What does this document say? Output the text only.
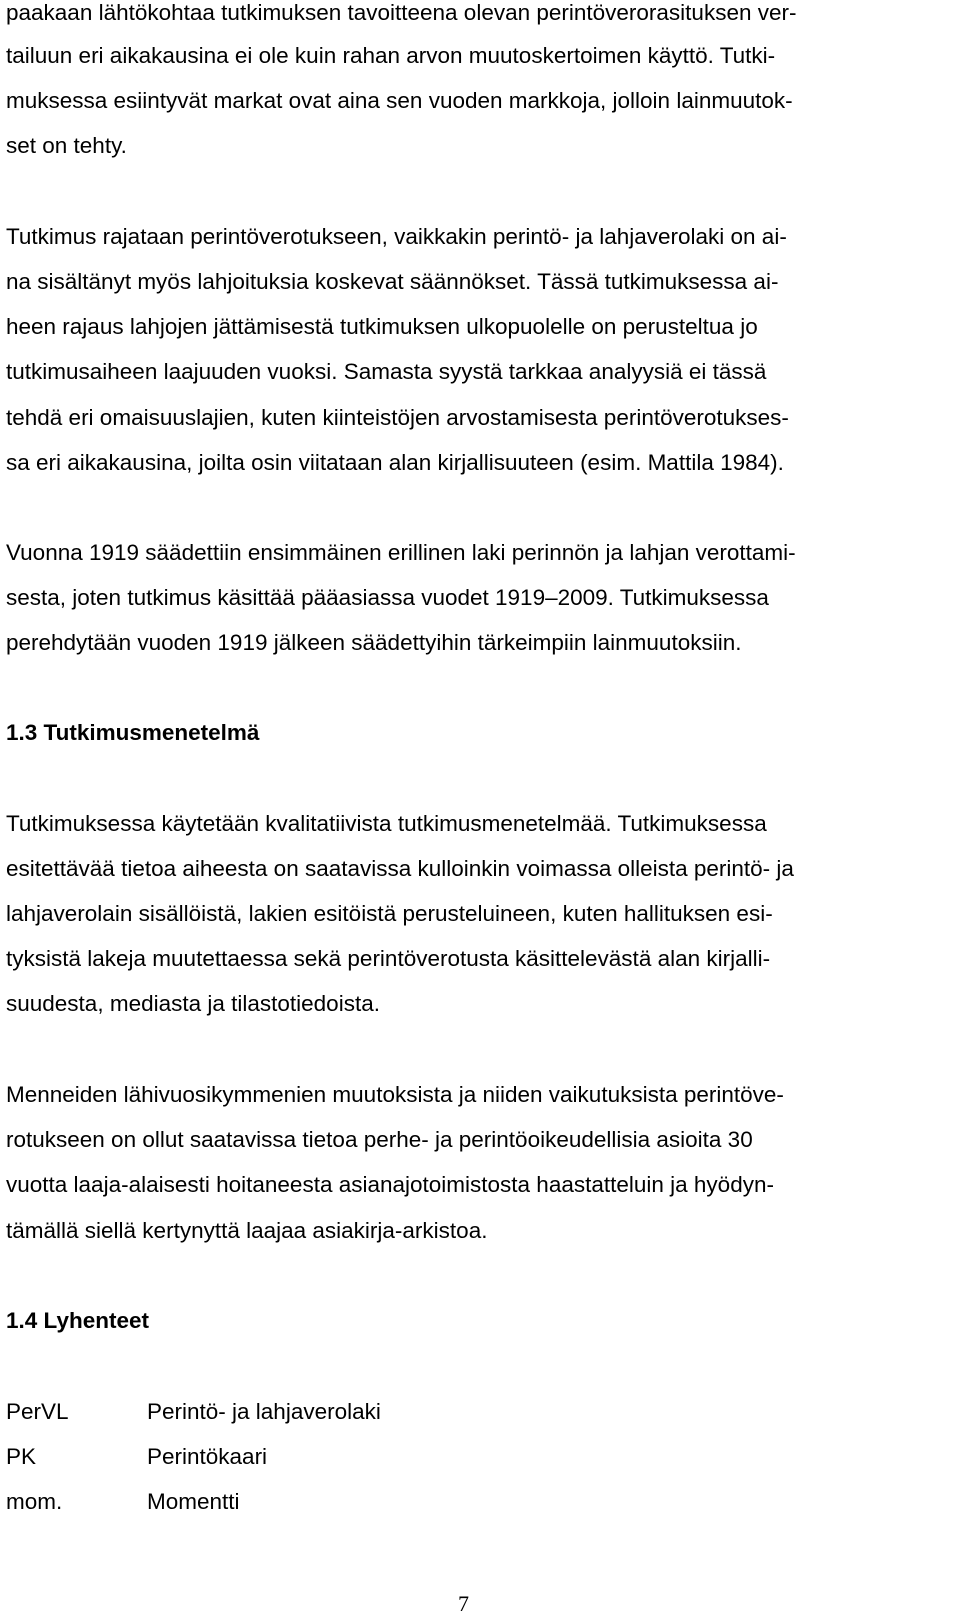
paakaan lähtökohtaa tutkimuksen tavoitteena olevan perintöverorasituksen ver-
tailuun eri aikakausina ei ole kuin rahan arvon muutoskertoimen käyttö. Tutki-
muksessa esiintyvät markat ovat aina sen vuoden markkoja, jolloin lainmuutok-
set on tehty.
Tutkimus rajataan perintöverotukseen, vaikkakin perintö- ja lahjaverolaki on ai-
na sisältänyt myös lahjoituksia koskevat säännökset. Tässä tutkimuksessa ai-
heen rajaus lahjojen jättämisestä tutkimuksen ulkopuolelle on perusteltua jo
tutkimusaiheen laajuuden vuoksi. Samasta syystä tarkkaa analyysiä ei tässä
tehdä eri omaisuuslajien, kuten kiinteistöjen arvostamisesta perintöverotukses-
sa eri aikakausina, joilta osin viitataan alan kirjallisuuteen (esim. Mattila 1984).
Vuonna 1919 säädettiin ensimmäinen erillinen laki perinnön ja lahjan verottami-
sesta, joten tutkimus käsittää pääasiassa vuodet 1919–2009. Tutkimuksessa
perehdytään vuoden 1919 jälkeen säädettyihin tärkeimpiin lainmuutoksiin.
1.3 Tutkimusmenetelmä
Tutkimuksessa käytetään kvalitatiivista tutkimusmenetelmää. Tutkimuksessa
esitettävää tietoa aiheesta on saatavissa kulloinkin voimassa olleista perintö- ja
lahjaverolain sisällöistä, lakien esitöistä perusteluineen, kuten hallituksen esi-
tyksistä lakeja muutettaessa sekä perintöverotusta käsittelevästä alan kirjalli-
suudesta, mediasta ja tilastotiedoista.
Menneiden lähivuosikymmenien muutoksista ja niiden vaikutuksista perintöve-
rotukseen on ollut saatavissa tietoa perhe- ja perintöoikeudellisia asioita 30
vuotta laaja-alaisesti hoitaneesta asianajotoimistosta haastatteluin ja hyödyn-
tämällä siellä kertynyttä laajaa asiakirja-arkistoa.
1.4 Lyhenteet
PerVL	Perintö- ja lahjaverolaki
PK	Perintökaari
mom.	Momentti
7
